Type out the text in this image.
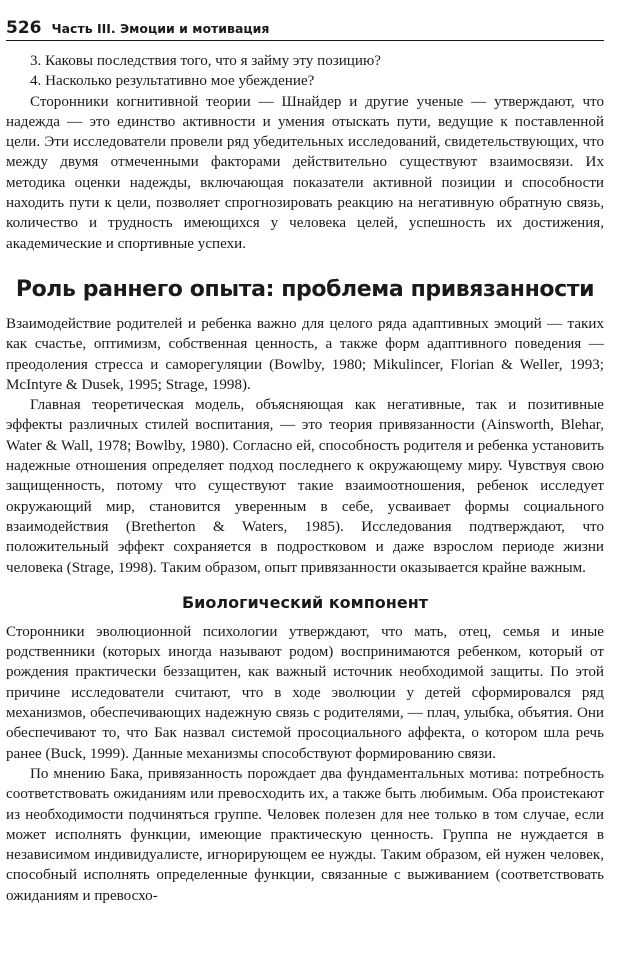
526 Часть III. Эмоции и мотивация

3. Каковы последствия того, что я займу эту позицию?

4. Насколько результативно мое убеждение?

Сторонники когнитивной теории — Шнайдер и другие ученые — утверждают, что надежда — это единство активности и умения отыскать пути, ведущие к поставленной цели. Эти исследователи провели ряд убедительных исследований, свидетельствующих, что между двумя отмеченными факторами действительно существуют взаимосвязи. Их методика оценки надежды, включающая показатели активной позиции и способности находить пути к цели, позволяет спрогнозировать реакцию на негативную обратную связь, количество и трудность имеющихся у человека целей, успешность их достижения, академические и спортивные успехи.

Роль раннего опыта: проблема привязанности

Взаимодействие родителей и ребенка важно для целого ряда адаптивных эмоций — таких как счастье, оптимизм, собственная ценность, а также форм адаптивного поведения — преодоления стресса и саморегуляции (Bowlby, 1980; Mikulincer, Florian & Weller, 1993; McIntyre & Dusek, 1995; Strage, 1998).

Главная теоретическая модель, объясняющая как негативные, так и позитивные эффекты различных стилей воспитания, — это теория привязанности (Ainsworth, Blehar, Water & Wall, 1978; Bowlby, 1980). Согласно ей, способность родителя и ребенка установить надежные отношения определяет подход последнего к окружающему миру. Чувствуя свою защищенность, потому что существуют такие взаимоотношения, ребенок исследует окружающий мир, становится уверенным в себе, усваивает формы социального взаимодействия (Bretherton & Waters, 1985). Исследования подтверждают, что положительный эффект сохраняется в подростковом и даже взрослом периоде жизни человека (Strage, 1998). Таким образом, опыт привязанности оказывается крайне важным.

Биологический компонент

Сторонники эволюционной психологии утверждают, что мать, отец, семья и иные родственники (которых иногда называют родом) воспринимаются ребенком, который от рождения практически беззащитен, как важный источник необходимой защиты. По этой причине исследователи считают, что в ходе эволюции у детей сформировался ряд механизмов, обеспечивающих надежную связь с родителями, — плач, улыбка, объятия. Они обеспечивают то, что Бак назвал системой просоциального аффекта, о котором шла речь ранее (Buck, 1999). Данные механизмы способствуют формированию связи.

По мнению Бака, привязанность порождает два фундаментальных мотива: потребность соответствовать ожиданиям или превосходить их, а также быть любимым. Оба проистекают из необходимости подчиняться группе. Человек полезен для нее только в том случае, если может исполнять функции, имеющие практическую ценность. Группа не нуждается в независимом индивидуалисте, игнорирующем ее нужды. Таким образом, ей нужен человек, способный исполнять определенные функции, связанные с выживанием (соответствовать ожиданиям и превосхо-
